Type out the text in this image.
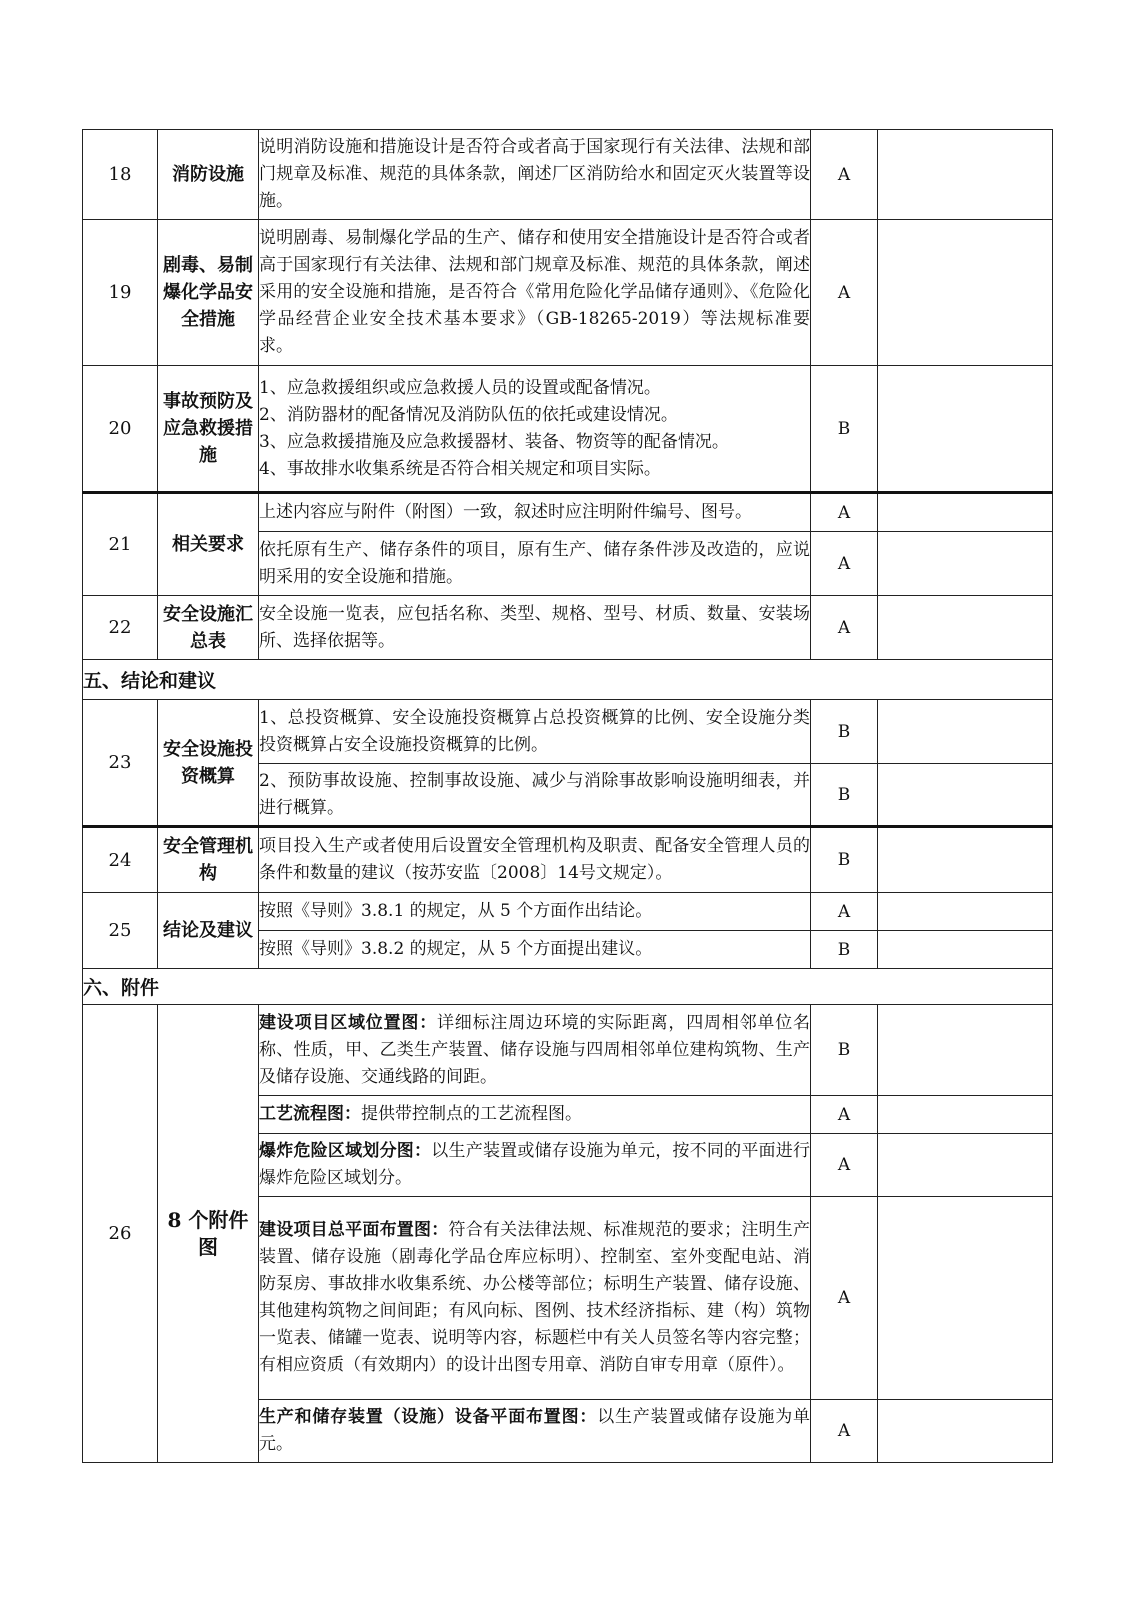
18	消防设施	说明消防设施和措施设计是否符合或者高于国家现行有关法律、法规和部门规章及标准、规范的具体条款，阐述厂区消防给水和固定灭火装置等设施。	A	
19	剧毒、易制爆化学品安全措施	说明剧毒、易制爆化学品的生产、储存和使用安全措施设计是否符合或者高于国家现行有关法律、法规和部门规章及标准、规范的具体条款，阐述采用的安全设施和措施，是否符合《常用危险化学品储存通则》、《危险化学品经营企业安全技术基本要求》（GB-18265-2019）等法规标准要求。	A	
20	事故预防及应急救援措施	1、应急救援组织或应急救援人员的设置或配备情况。
2、消防器材的配备情况及消防队伍的依托或建设情况。
3、应急救援措施及应急救援器材、装备、物资等的配备情况。
4、事故排水收集系统是否符合相关规定和项目实际。	B	
21	相关要求	上述内容应与附件（附图）一致，叙述时应注明附件编号、图号。	A	
		依托原有生产、储存条件的项目，原有生产、储存条件涉及改造的，应说明采用的安全设施和措施。	A	
22	安全设施汇总表	安全设施一览表，应包括名称、类型、规格、型号、材质、数量、安装场所、选择依据等。	A	
五、结论和建议				
23	安全设施投资概算	1、总投资概算、安全设施投资概算占总投资概算的比例、安全设施分类投资概算占安全设施投资概算的比例。	B	
		2、预防事故设施、控制事故设施、减少与消除事故影响设施明细表，并进行概算。	B	
24	安全管理机构	项目投入生产或者使用后设置安全管理机构及职责、配备安全管理人员的条件和数量的建议（按苏安监〔2008〕14号文规定）。	B	
25	结论及建议	按照《导则》3.8.1 的规定，从 5 个方面作出结论。	A	
		按照《导则》3.8.2 的规定，从 5 个方面提出建议。	B	
六、附件				
26	8 个附件图	建设项目区域位置图：详细标注周边环境的实际距离，四周相邻单位名称、性质，甲、乙类生产装置、储存设施与四周相邻单位建构筑物、生产及储存设施、交通线路的间距。	B	
		工艺流程图：提供带控制点的工艺流程图。	A	
		爆炸危险区域划分图：以生产装置或储存设施为单元，按不同的平面进行爆炸危险区域划分。	A	
		建设项目总平面布置图：符合有关法律法规、标准规范的要求；注明生产装置、储存设施（剧毒化学品仓库应标明）、控制室、室外变配电站、消防泵房、事故排水收集系统、办公楼等部位；标明生产装置、储存设施、其他建构筑物之间间距；有风向标、图例、技术经济指标、建（构）筑物一览表、储罐一览表、说明等内容，标题栏中有关人员签名等内容完整；有相应资质（有效期内）的设计出图专用章、消防自审专用章（原件）。	A	
		生产和储存装置（设施）设备平面布置图：以生产装置或储存设施为单元。	A	
